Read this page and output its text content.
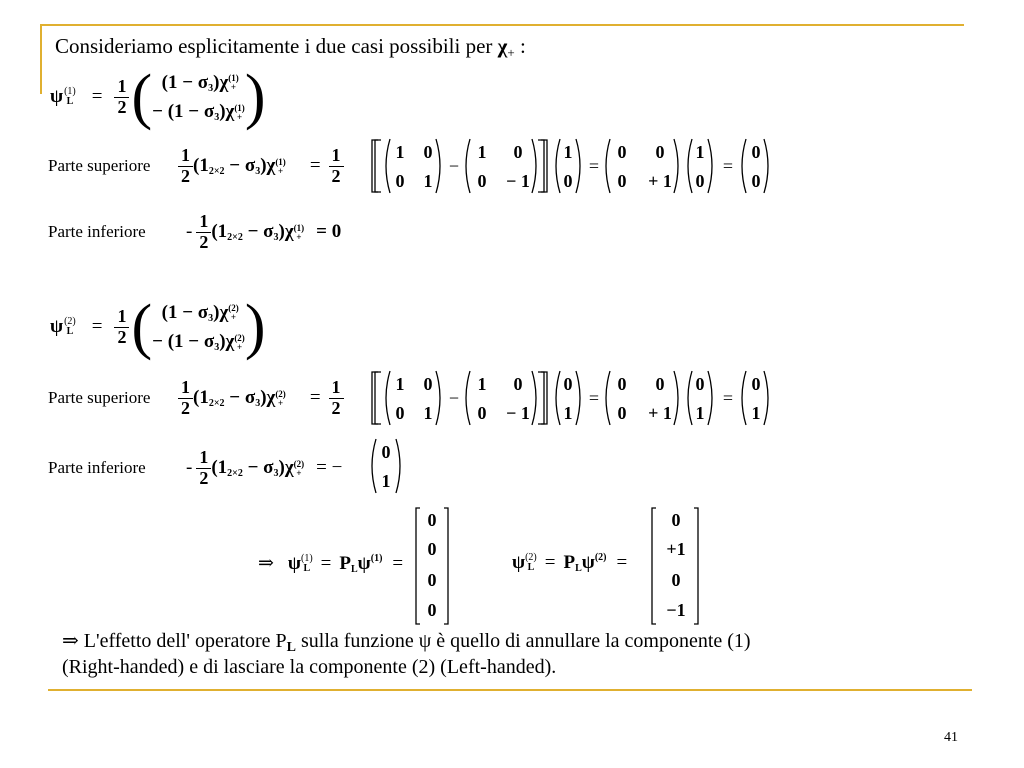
Consideriamo esplicitamente i due casi possibili per χ+ :
ψ (1)
$L = \frac{1}{2}$ ( $(1 - \sigma_3)\chi$ (1)
+
− $(1 - \sigma_3)\chi$ (1)
+ )
Parte superiore $\frac{1}{2} (1_{2\times 2} - \sigma_3)\chi$ (1)
+ = $\frac{1}{2}$	1 0
0 1
−
1 0
0 − 1
1
0
=
0 0
0 + 1
1
0
=
0
0
Parte inferiore - $\frac{1}{2} (1_{2\times 2} - \sigma_3)\chi$ (1)
+ = 0
ψ (2)
$L = \frac{1}{2}$ ( $(1 - \sigma_3)\chi$ (2)
+
− $(1 - \sigma_3)\chi$ (2)
+ )
Parte superiore $\frac{1}{2} (1_{2\times 2} - \sigma_3)\chi$ (2)
+ = $\frac{1}{2}$	1 0
0 1
−
1 0
0 − 1
0
1
=
0 0
0 + 1
0
1
=
0
1
Parte inferiore - $\frac{1}{2} (1_{2\times 2} - \sigma_3)\chi$ (2)
+ = −
0
1
⇒ ψ (1)
$L = P_L\psi^{(1)}$ =
0
0
0
0
ψ (2)
$L = P_L\psi^{(2)}$ =
0
+1
0
−1
⇒ L'effetto dell' operatore $P_L$ sulla funzione ψ è quello di annullare la componente (1)
(Right-handed) e di lasciare la componente (2) (Left-handed).
41
